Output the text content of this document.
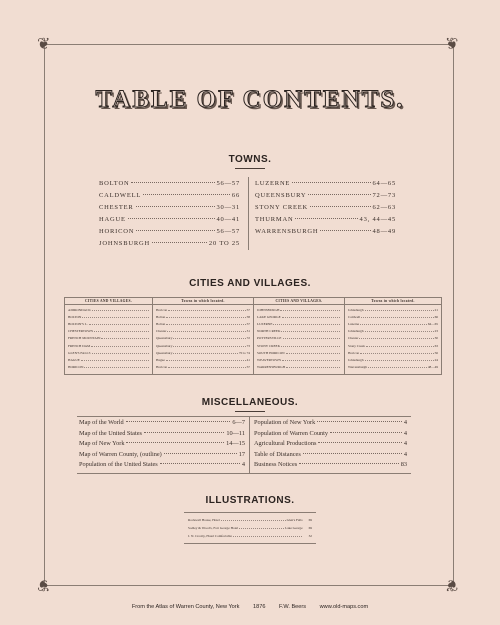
❦	❦
❦	❦
TABLE OF CONTENTS.
TOWNS.
CITIES AND VILLAGES.
CITIES AND VILLAGES.	Towns in which located.	CITIES AND VILLAGES.	Towns in which located.
ADIRONDACK	Horicon	57 JOHNSBURGH	Johnsburgh	21
BOLTON	Bolton	58 LAKE GEORGE	Caldwell	66
BOLTON'S L.	Bolton	57 LUZERNE	Luzerne	64—65
CHESTERTOWN	Chester	31 NORTH CREEK	Johnsburgh	23
FRENCH MOUNTAIN	Queensbury	72 POTTERSVILLE	Chester	30
FRENCH DAM	Queensbury	73 STONY CREEK	Stony Creek	63
GLEN'S FALLS	Queensbury	70 to 74 SOUTH HORICON	Horicon	56
HAGUE	Hague	41 WEAVERTOWN	Johnsburgh	24
HORICON	Horicon	57 WARRENSBURGH	Warrensburgh	48—49
MISCELLANEOUS.
ILLUSTRATIONS.
From the Atlas of Warren County, New York 1876 F.W. Beers www.old-maps.com
BOLTON	56—57
CALDWELL	66
CHESTER	30—31
HAGUE	40—41
HORICON	56—57
JOHNSBURGH	20 TO 25
LUZERNE	64—65
QUEENSBURY	72—73
STONY CREEK	62—63
THURMAN	43, 44—45
WARRENSBURGH	48—49
Map of the World	6—7
Map of the United States	10—11
Map of New York	14—15
Map of Warren County, (outline)	17
Population of the United States	4
Population of New York	4
Population of Warren County	4
Agricultural Productions	4
Table of Distances	4
Business Notices	83
Rockwell House, Hotel	Glen's Falls 69
Sodley & Wood's, Fort George Hotel	Lake George 69
J. N. Crosby, Hotel Comfortable	32
